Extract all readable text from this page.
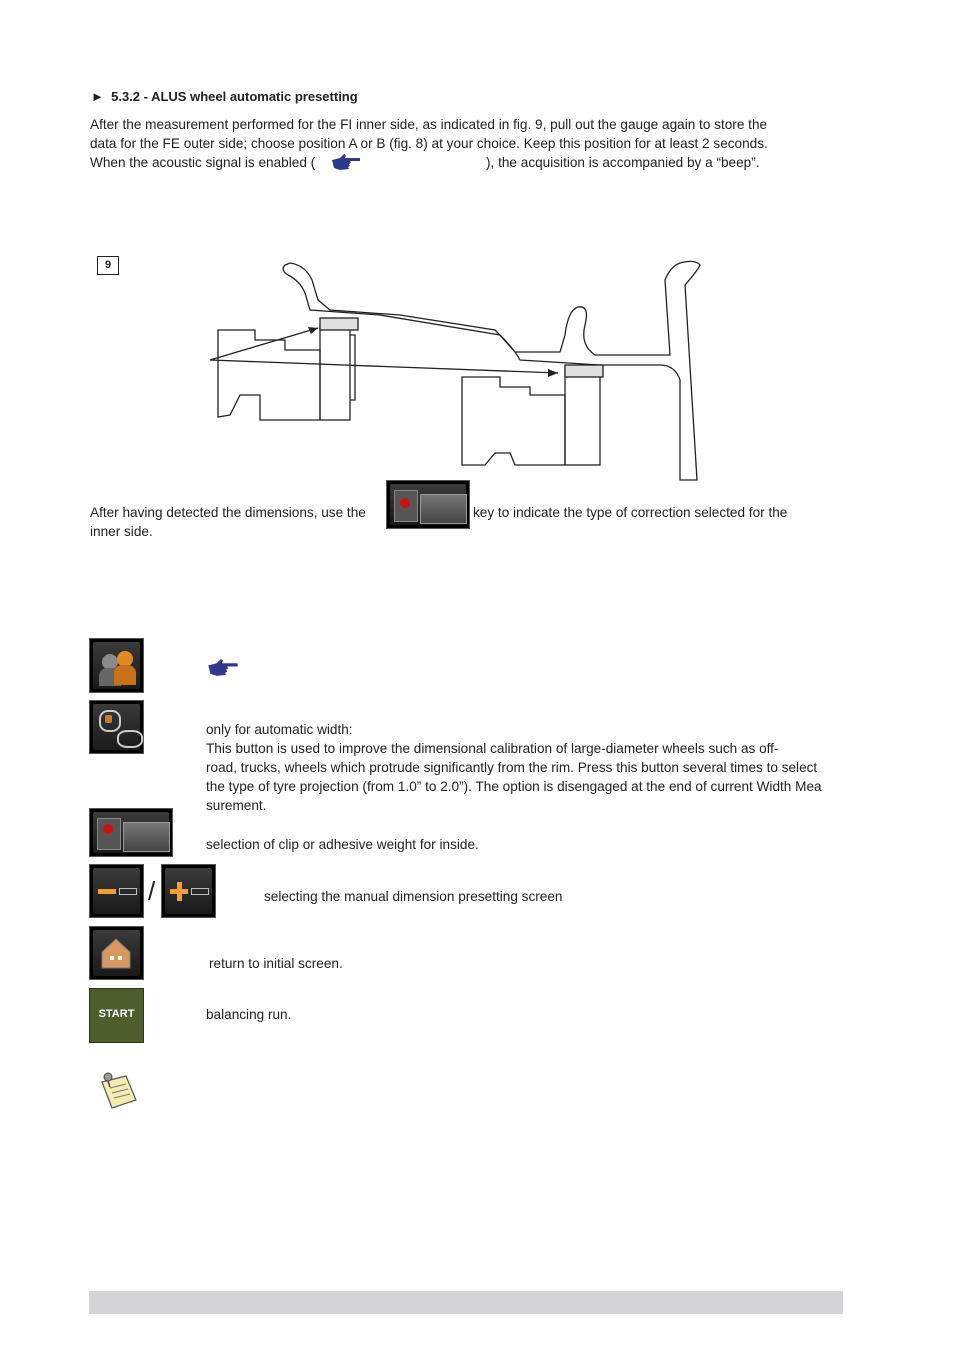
► 5.3.2 - ALUS wheel automatic presetting
After the measurement performed for the FI inner side, as indicated in fig. 9, pull out the gauge again to store the
data for the FE outer side; choose position A or B (fig. 8) at your choice. Keep this position for at least 2 seconds.
When the acoustic signal is enabled (	), the acquisition is accompanied by a “beep”.
9
After having detected the dimensions, use the	key to indicate the type of correction selected for the
inner side.
only for automatic width:
This button is used to improve the dimensional calibration of large-diameter wheels such as off-
road, trucks, wheels which protrude significantly from the rim. Press this button several times to select
the type of tyre projection (from 1.0” to 2.0”). The option is disengaged at the end of current Width Mea
surement.
selection of clip or adhesive weight for inside.
/	selecting the manual dimension presetting screen
return to initial screen.
START	balancing run.
